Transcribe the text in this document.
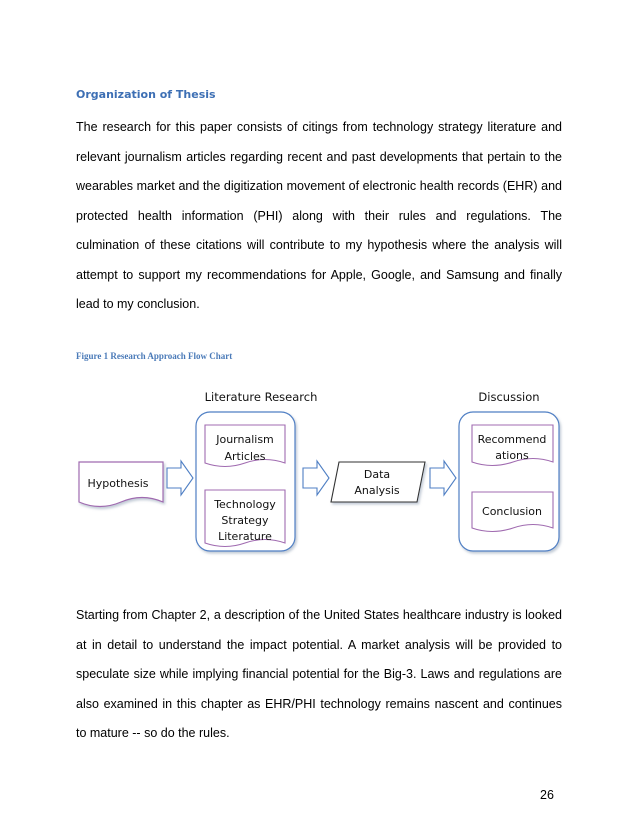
Organization of Thesis

The research for this paper consists of citings from technology strategy literature and relevant journalism articles regarding recent and past developments that pertain to the wearables market and the digitization movement of electronic health records (EHR) and protected health information (PHI) along with their rules and regulations. The culmination of these citations will contribute to my hypothesis where the analysis will attempt to support my recommendations for Apple, Google, and Samsung and finally lead to my conclusion.

Figure 1 Research Approach Flow Chart
Literature Research	Discussion
Hypothesis
Journalism
Articles
Technology
Strategy
Literature
Data
Analysis
Recommend
ations
Conclusion

Starting from Chapter 2, a description of the United States healthcare industry is looked at in detail to understand the impact potential. A market analysis will be provided to speculate size while implying financial potential for the Big-3. Laws and regulations are also examined in this chapter as EHR/PHI technology remains nascent and continues to mature -- so do the rules.

26
